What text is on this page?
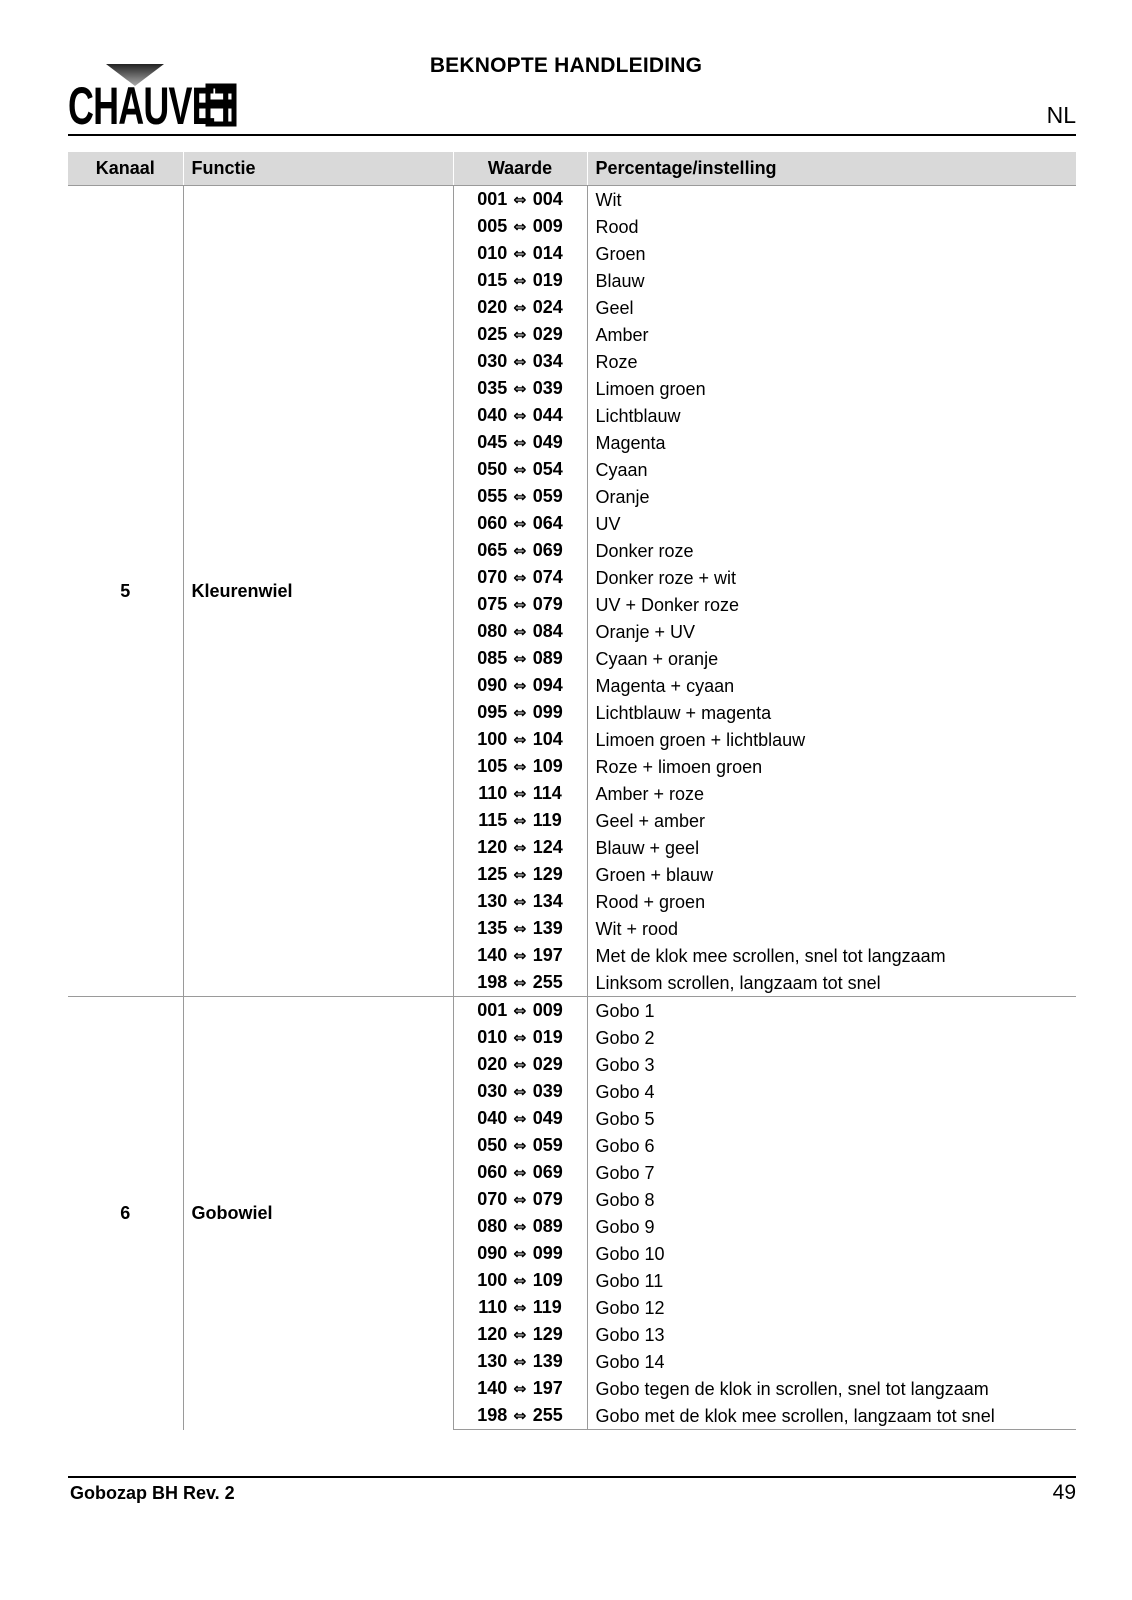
CHAUVET
BEKNOPTE HANDLEIDING
NL
Kanaal	Functie	Waarde	Percentage/instelling
5	Kleurenwiel	001 ⇔ 004	Wit
		005 ⇔ 009	Rood
		010 ⇔ 014	Groen
		015 ⇔ 019	Blauw
		020 ⇔ 024	Geel
		025 ⇔ 029	Amber
		030 ⇔ 034	Roze
		035 ⇔ 039	Limoen groen
		040 ⇔ 044	Lichtblauw
		045 ⇔ 049	Magenta
		050 ⇔ 054	Cyaan
		055 ⇔ 059	Oranje
		060 ⇔ 064	UV
		065 ⇔ 069	Donker roze
		070 ⇔ 074	Donker roze + wit
		075 ⇔ 079	UV + Donker roze
		080 ⇔ 084	Oranje + UV
		085 ⇔ 089	Cyaan + oranje
		090 ⇔ 094	Magenta + cyaan
		095 ⇔ 099	Lichtblauw + magenta
		100 ⇔ 104	Limoen groen + lichtblauw
		105 ⇔ 109	Roze + limoen groen
		110 ⇔ 114	Amber + roze
		115 ⇔ 119	Geel + amber
		120 ⇔ 124	Blauw + geel
		125 ⇔ 129	Groen + blauw
		130 ⇔ 134	Rood + groen
		135 ⇔ 139	Wit + rood
		140 ⇔ 197	Met de klok mee scrollen, snel tot langzaam
		198 ⇔ 255	Linksom scrollen, langzaam tot snel
6	Gobowiel	001 ⇔ 009	Gobo 1
		010 ⇔ 019	Gobo 2
		020 ⇔ 029	Gobo 3
		030 ⇔ 039	Gobo 4
		040 ⇔ 049	Gobo 5
		050 ⇔ 059	Gobo 6
		060 ⇔ 069	Gobo 7
		070 ⇔ 079	Gobo 8
		080 ⇔ 089	Gobo 9
		090 ⇔ 099	Gobo 10
		100 ⇔ 109	Gobo 11
		110 ⇔ 119	Gobo 12
		120 ⇔ 129	Gobo 13
		130 ⇔ 139	Gobo 14
		140 ⇔ 197	Gobo tegen de klok in scrollen, snel tot langzaam
		198 ⇔ 255	Gobo met de klok mee scrollen, langzaam tot snel
Gobozap BH Rev. 2	49
